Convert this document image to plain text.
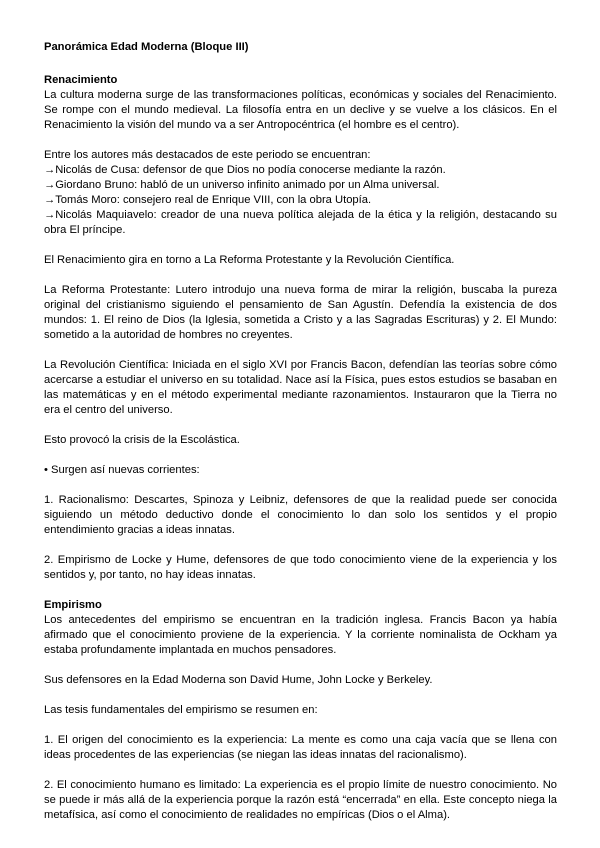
Panorámica Edad Moderna (Bloque III)
Renacimiento

La cultura moderna surge de las transformaciones políticas, económicas y sociales del Renacimiento. Se rompe con el mundo medieval. La filosofía entra en un declive y se vuelve a los clásicos. En el Renacimiento la visión del mundo va a ser Antropocéntrica (el hombre es el centro).

Entre los autores más destacados de este periodo se encuentran:
→Nicolás de Cusa: defensor de que Dios no podía conocerse mediante la razón.
→Giordano Bruno: habló de un universo infinito animado por un Alma universal.
→Tomás Moro: consejero real de Enrique VIII, con la obra Utopía.
→Nicolás Maquiavelo: creador de una nueva política alejada de la ética y la religión, destacando su obra El príncipe.

El Renacimiento gira en torno a La Reforma Protestante y la Revolución Científica.

La Reforma Protestante: Lutero introdujo una nueva forma de mirar la religión, buscaba la pureza original del cristianismo siguiendo el pensamiento de San Agustín. Defendía la existencia de dos mundos: 1. El reino de Dios (la Iglesia, sometida a Cristo y a las Sagradas Escrituras) y 2. El Mundo: sometido a la autoridad de hombres no creyentes.

La Revolución Científica: Iniciada en el siglo XVI por Francis Bacon, defendían las teorías sobre cómo acercarse a estudiar el universo en su totalidad. Nace así la Física, pues estos estudios se basaban en las matemáticas y en el método experimental mediante razonamientos. Instauraron que la Tierra no era el centro del universo.

Esto provocó la crisis de la Escolástica.

• Surgen así nuevas corrientes:

1. Racionalismo: Descartes, Spinoza y Leibniz, defensores de que la realidad puede ser conocida siguiendo un método deductivo donde el conocimiento lo dan solo los sentidos y el propio entendimiento gracias a ideas innatas.

2. Empirismo de Locke y Hume, defensores de que todo conocimiento viene de la experiencia y los sentidos y, por tanto, no hay ideas innatas.

Empirismo

Los antecedentes del empirismo se encuentran en la tradición inglesa. Francis Bacon ya había afirmado que el conocimiento proviene de la experiencia. Y la corriente nominalista de Ockham ya estaba profundamente implantada en muchos pensadores.

Sus defensores en la Edad Moderna son David Hume, John Locke y Berkeley.

Las tesis fundamentales del empirismo se resumen en:

1. El origen del conocimiento es la experiencia: La mente es como una caja vacía que se llena con ideas procedentes de las experiencias (se niegan las ideas innatas del racionalismo).

2. El conocimiento humano es limitado: La experiencia es el propio límite de nuestro conocimiento. No se puede ir más allá de la experiencia porque la razón está “encerrada” en ella. Este concepto niega la metafísica, así como el conocimiento de realidades no empíricas (Dios o el Alma).
